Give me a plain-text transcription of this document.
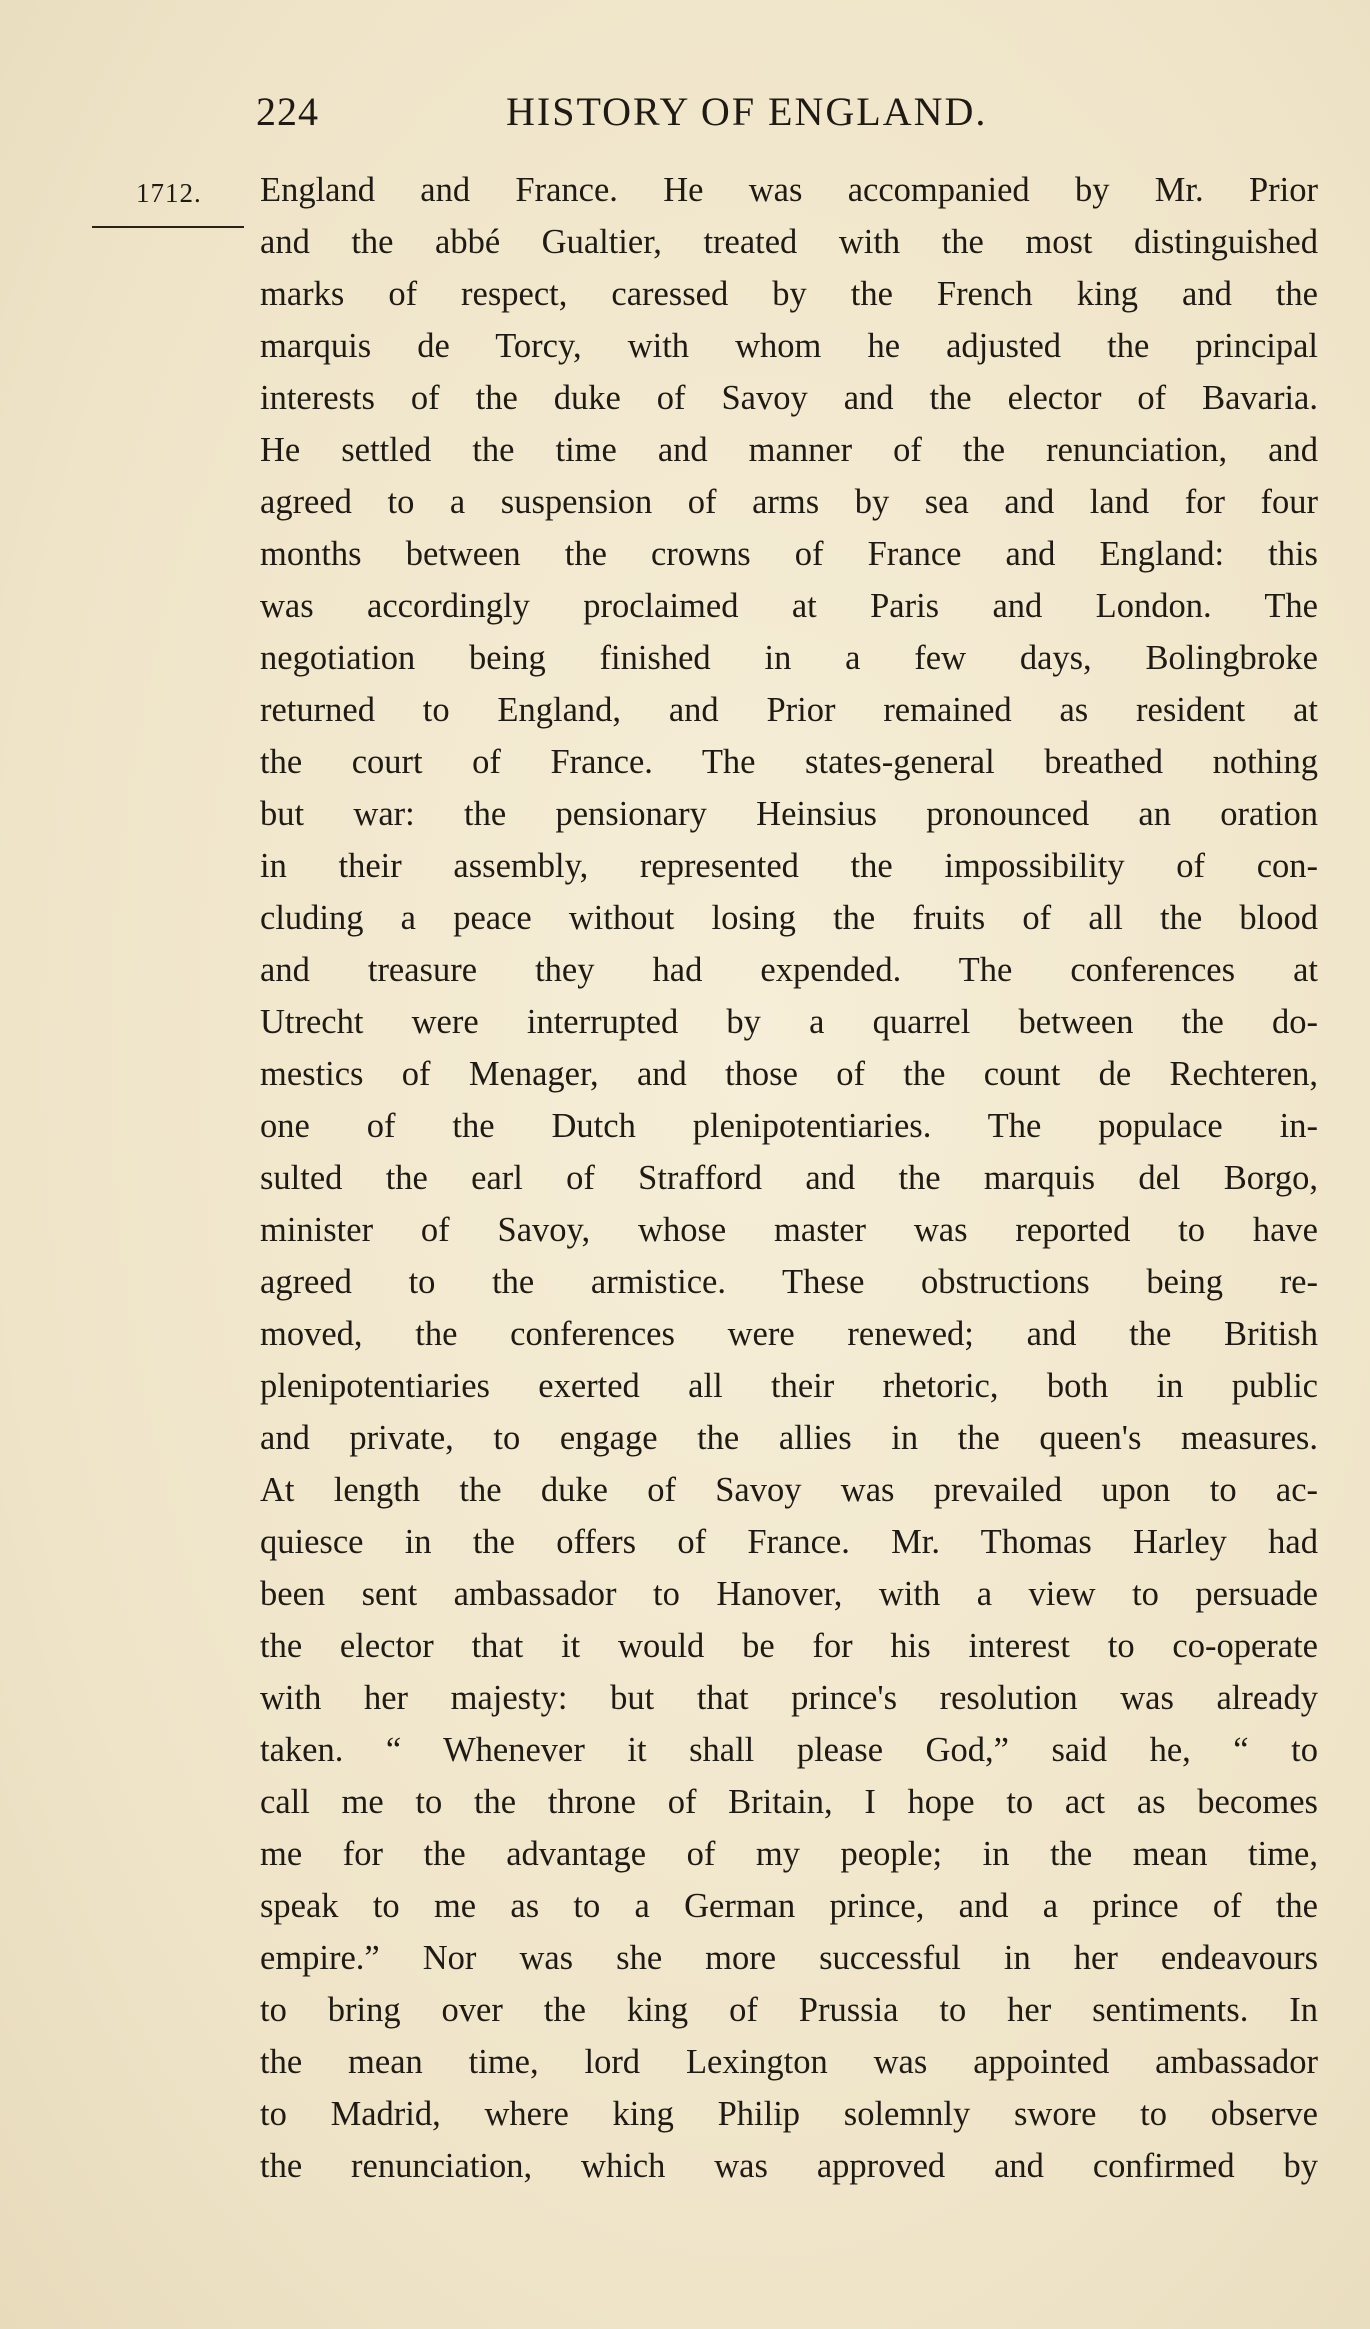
224	HISTORY OF ENGLAND.
1712. England and France. He was accompanied by Mr. Prior
and the abbé Gualtier, treated with the most distinguished
marks of respect, caressed by the French king and the
marquis de Torcy, with whom he adjusted the principal
interests of the duke of Savoy and the elector of Bavaria.
He settled the time and manner of the renunciation, and
agreed to a suspension of arms by sea and land for four
months between the crowns of France and England: this
was accordingly proclaimed at Paris and London. The
negotiation being finished in a few days, Bolingbroke
returned to England, and Prior remained as resident at
the court of France. The states-general breathed nothing
but war: the pensionary Heinsius pronounced an oration
in their assembly, represented the impossibility of con-
cluding a peace without losing the fruits of all the blood
and treasure they had expended. The conferences at
Utrecht were interrupted by a quarrel between the do-
mestics of Menager, and those of the count de Rechteren,
one of the Dutch plenipotentiaries. The populace in-
sulted the earl of Strafford and the marquis del Borgo,
minister of Savoy, whose master was reported to have
agreed to the armistice. These obstructions being re-
moved, the conferences were renewed; and the British
plenipotentiaries exerted all their rhetoric, both in public
and private, to engage the allies in the queen's measures.
At length the duke of Savoy was prevailed upon to ac-
quiesce in the offers of France. Mr. Thomas Harley had
been sent ambassador to Hanover, with a view to persuade
the elector that it would be for his interest to co-operate
with her majesty: but that prince's resolution was already
taken. “ Whenever it shall please God,” said he, “ to
call me to the throne of Britain, I hope to act as becomes
me for the advantage of my people; in the mean time,
speak to me as to a German prince, and a prince of the
empire.” Nor was she more successful in her endeavours
to bring over the king of Prussia to her sentiments. In
the mean time, lord Lexington was appointed ambassador
to Madrid, where king Philip solemnly swore to observe
the renunciation, which was approved and confirmed by
